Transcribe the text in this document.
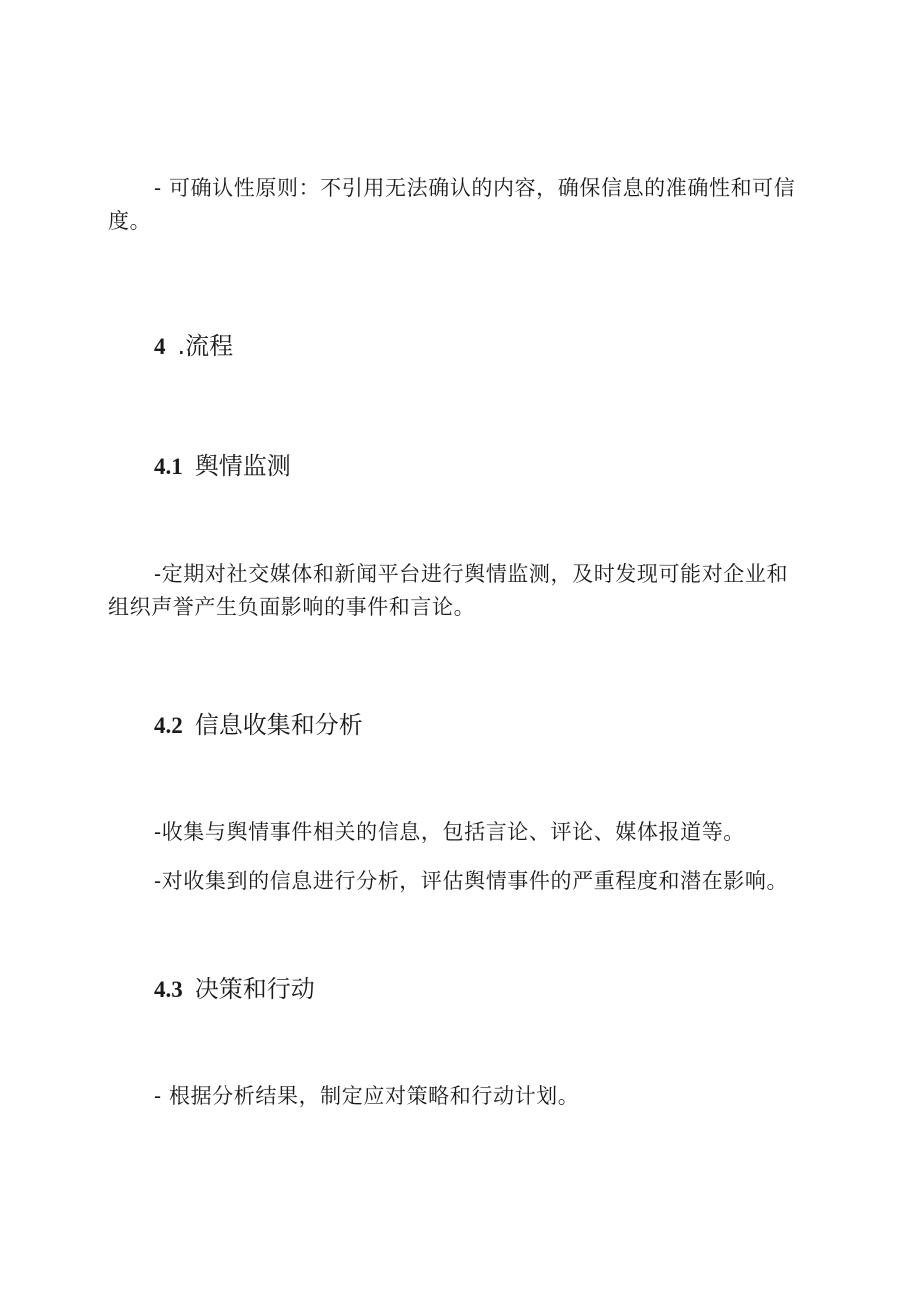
- 可确认性原则：不引用无法确认的内容，确保信息的准确性和可信度。

4 .流程
4.1 舆情监测

-定期对社交媒体和新闻平台进行舆情监测，及时发现可能对企业和组织声誉产生负面影响的事件和言论。

4.2 信息收集和分析

-收集与舆情事件相关的信息，包括言论、评论、媒体报道等。

-对收集到的信息进行分析，评估舆情事件的严重程度和潜在影响。

4.3 决策和行动

- 根据分析结果，制定应对策略和行动计划。
